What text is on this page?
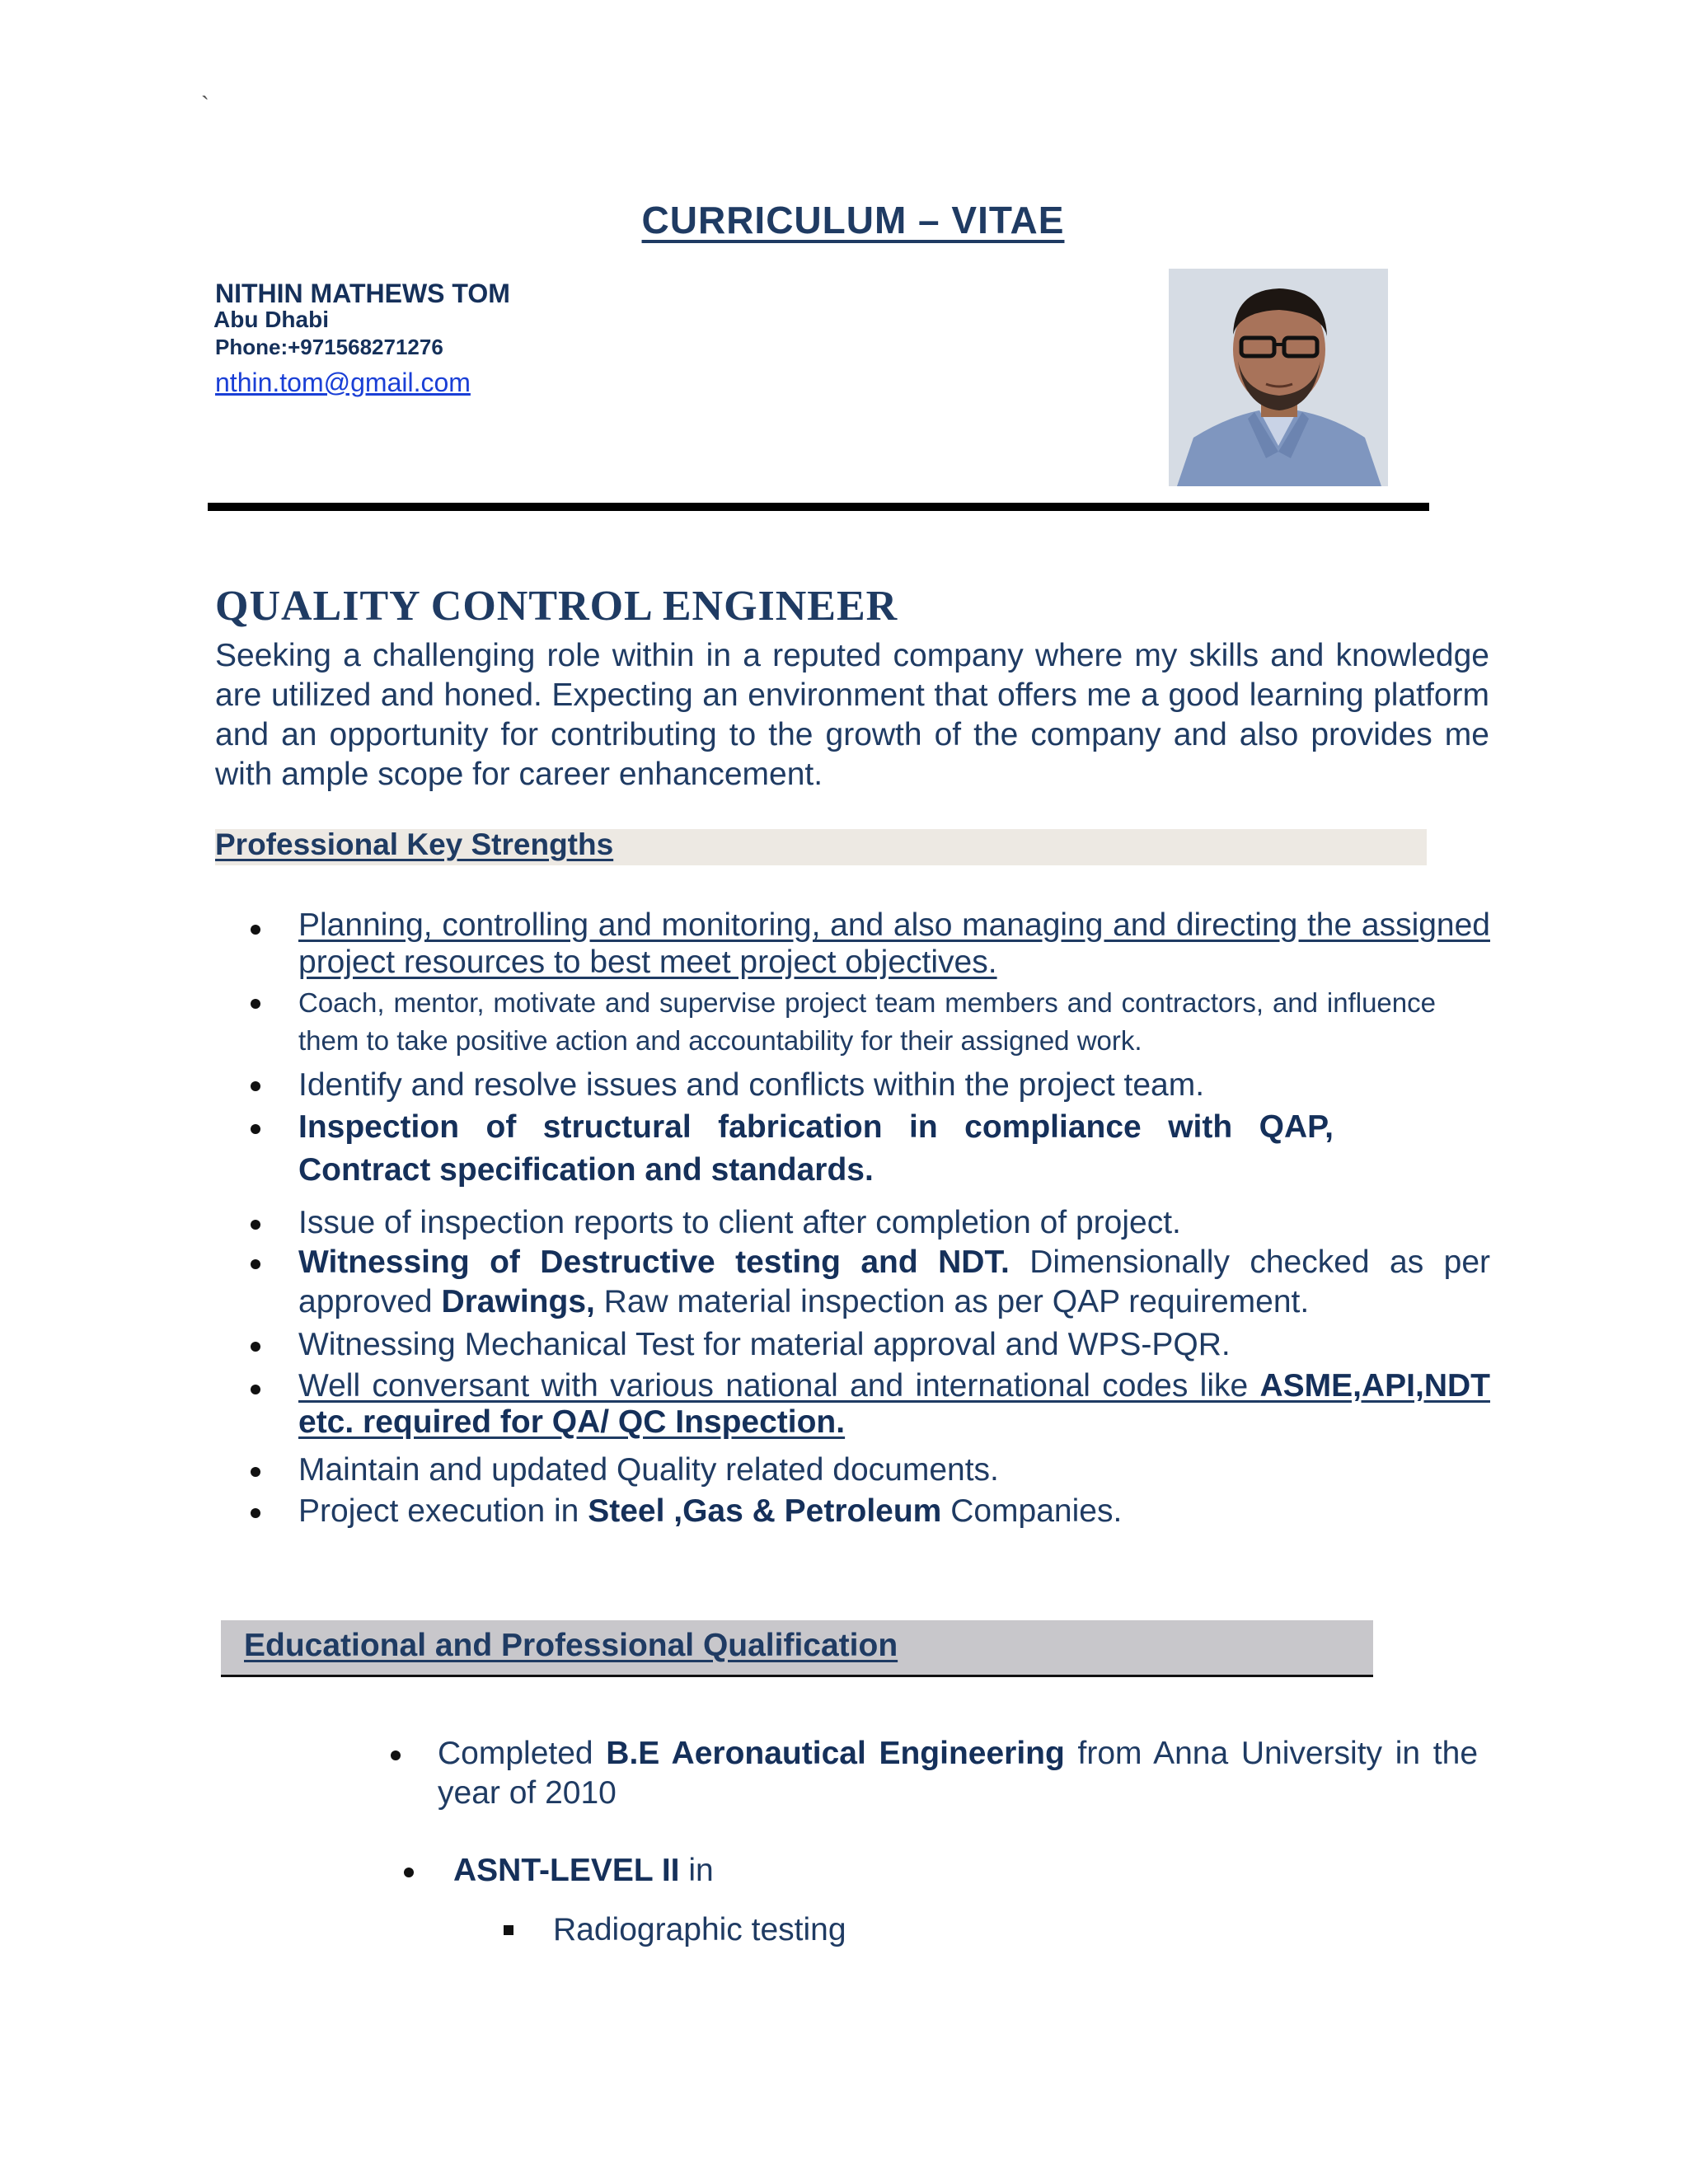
`
CURRICULUM – VITAE
NITHIN MATHEWS TOM
Abu Dhabi
Phone:+971568271276
nthin.tom@gmail.com
QUALITY CONTROL ENGINEER
Seeking a challenging role within in a reputed company where my skills and knowledge are utilized and honed. Expecting an environment that offers me a good learning platform and an opportunity for contributing to the growth of the company and also provides me with ample scope for career enhancement.
Professional Key Strengths
Planning, controlling and monitoring, and also managing and directing the assigned project resources to best meet project objectives.
Coach, mentor, motivate and supervise project team members and contractors, and influence them to take positive action and accountability for their assigned work.
Identify and resolve issues and conflicts within the project team.
Inspection of structural fabrication in compliance with QAP, Contract specification and standards.
Issue of inspection reports to client after completion of project.
Witnessing of Destructive testing and NDT. Dimensionally checked as per approved Drawings, Raw material inspection as per QAP requirement.
Witnessing Mechanical Test for material approval and WPS-PQR.
Well conversant with various national and international codes like ASME,API,NDT etc. required for QA/ QC Inspection.
Maintain and updated Quality related documents.
Project execution in Steel ,Gas & Petroleum Companies.
Educational and Professional Qualification
Completed B.E Aeronautical Engineering from Anna University in the year of 2010
ASNT-LEVEL II in
Radiographic testing
